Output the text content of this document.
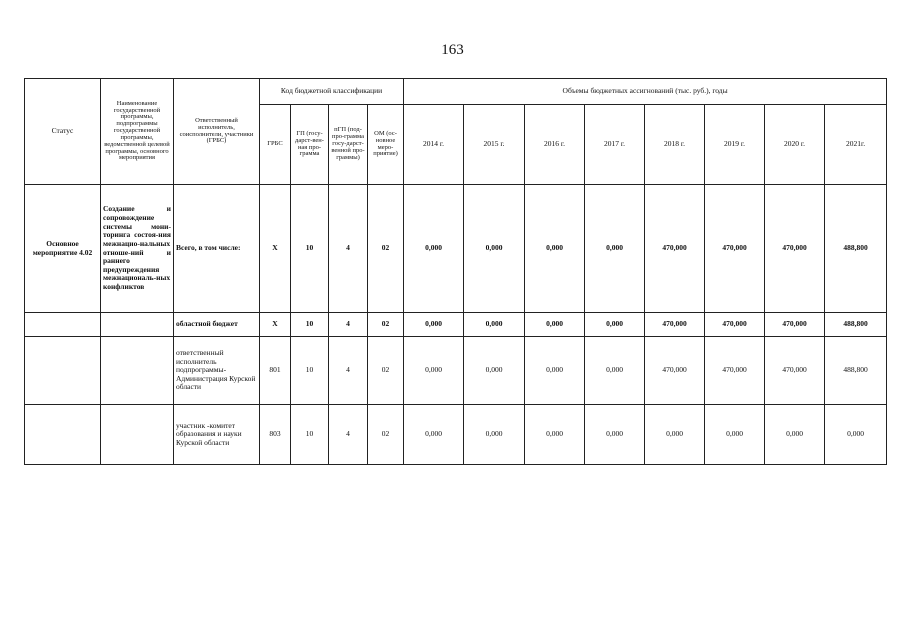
163
Статус	Наименование государственной программы, подпрограммы государственной программы, ведомственной целевой программы, основного мероприятия	Ответственный исполнитель, соисполнители, участники (ГРБС)	Код бюджетной классификации				Объемы бюджетных ассигнований (тыс. руб.), годы							
			ГРБС	ГП (госу-дарст-вен-ная про-грамма	пГП (под-про-грамма госу-дарст-венной про-граммы)	ОМ (ос-новное меро-приятие)	2014 г.	2015 г.	2016 г.	2017 г.	2018 г.	2019 г.	2020 г.	2021г.
Основное мероприятие 4.02	Создание и сопровождение системы мони-торинга состоя-ния межнацио-нальных отноше-ний и раннего предупреждения межнациональ-ных конфликтов	Всего, в том числе:	X	10	4	02	0,000	0,000	0,000	0,000	470,000	470,000	470,000	488,800
		областной бюджет	X	10	4	02	0,000	0,000	0,000	0,000	470,000	470,000	470,000	488,800
		ответственный исполнитель подпрограммы-Администрация Курской области	801	10	4	02	0,000	0,000	0,000	0,000	470,000	470,000	470,000	488,800
		участник -комитет образования и науки Курской области	803	10	4	02	0,000	0,000	0,000	0,000	0,000	0,000	0,000	0,000
